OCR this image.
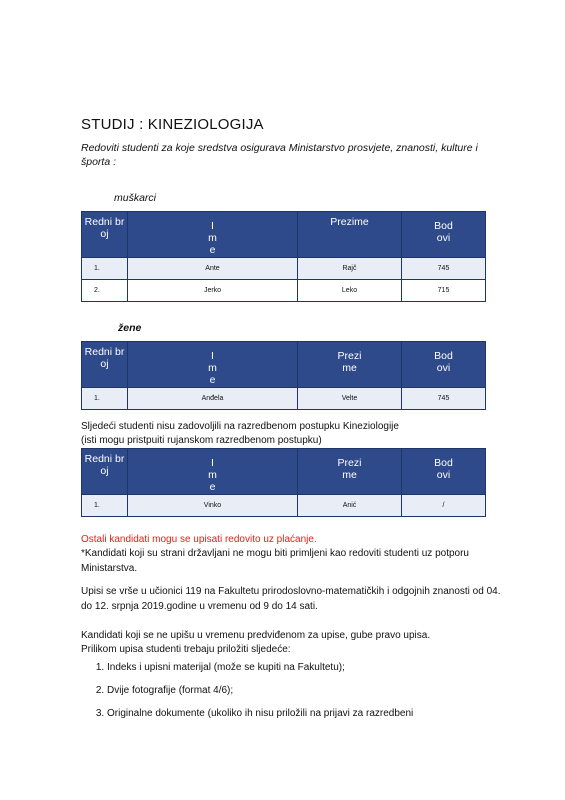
STUDIJ : KINEZIOLOGIJA
Redoviti studenti za koje sredstva osigurava Ministarstvo prosvjete, znanosti, kulture i športa :
muškarci
Redni broj	Ime	Prezime	Bodovi
1.	Ante	Rajč	745
2.	Jerko	Leko	715
žene
Redni broj	Ime	Prezime	Bodovi
1.	Anđela	Velte	745
Sljedeći studenti nisu zadovoljili na razredbenom postupku Kineziologije
(isti mogu pristpuiti rujanskom razredbenom postupku)
Redni broj	Ime	Prezime	Bodovi
1.	Vinko	Anić	/
Ostali kandidati mogu se upisati redovito uz plaćanje.
*Kandidati koji su strani državljani ne mogu biti primljeni kao redoviti studenti uz potporu Ministarstva.
Upisi se vrše u učionici 119 na Fakultetu prirodoslovno-matematičkih i odgojnih znanosti od 04. do 12. srpnja 2019.godine u vremenu od 9 do 14 sati.
Kandidati koji se ne upišu u vremenu predviđenom za upise, gube pravo upisa.
Prilikom upisa studenti trebaju priložiti sljedeće:
1. Indeks i upisni materijal (može se kupiti na Fakultetu);
2. Dvije fotografije (format 4/6);
3. Originalne dokumente (ukoliko ih nisu priložili na prijavi za razredbeni
